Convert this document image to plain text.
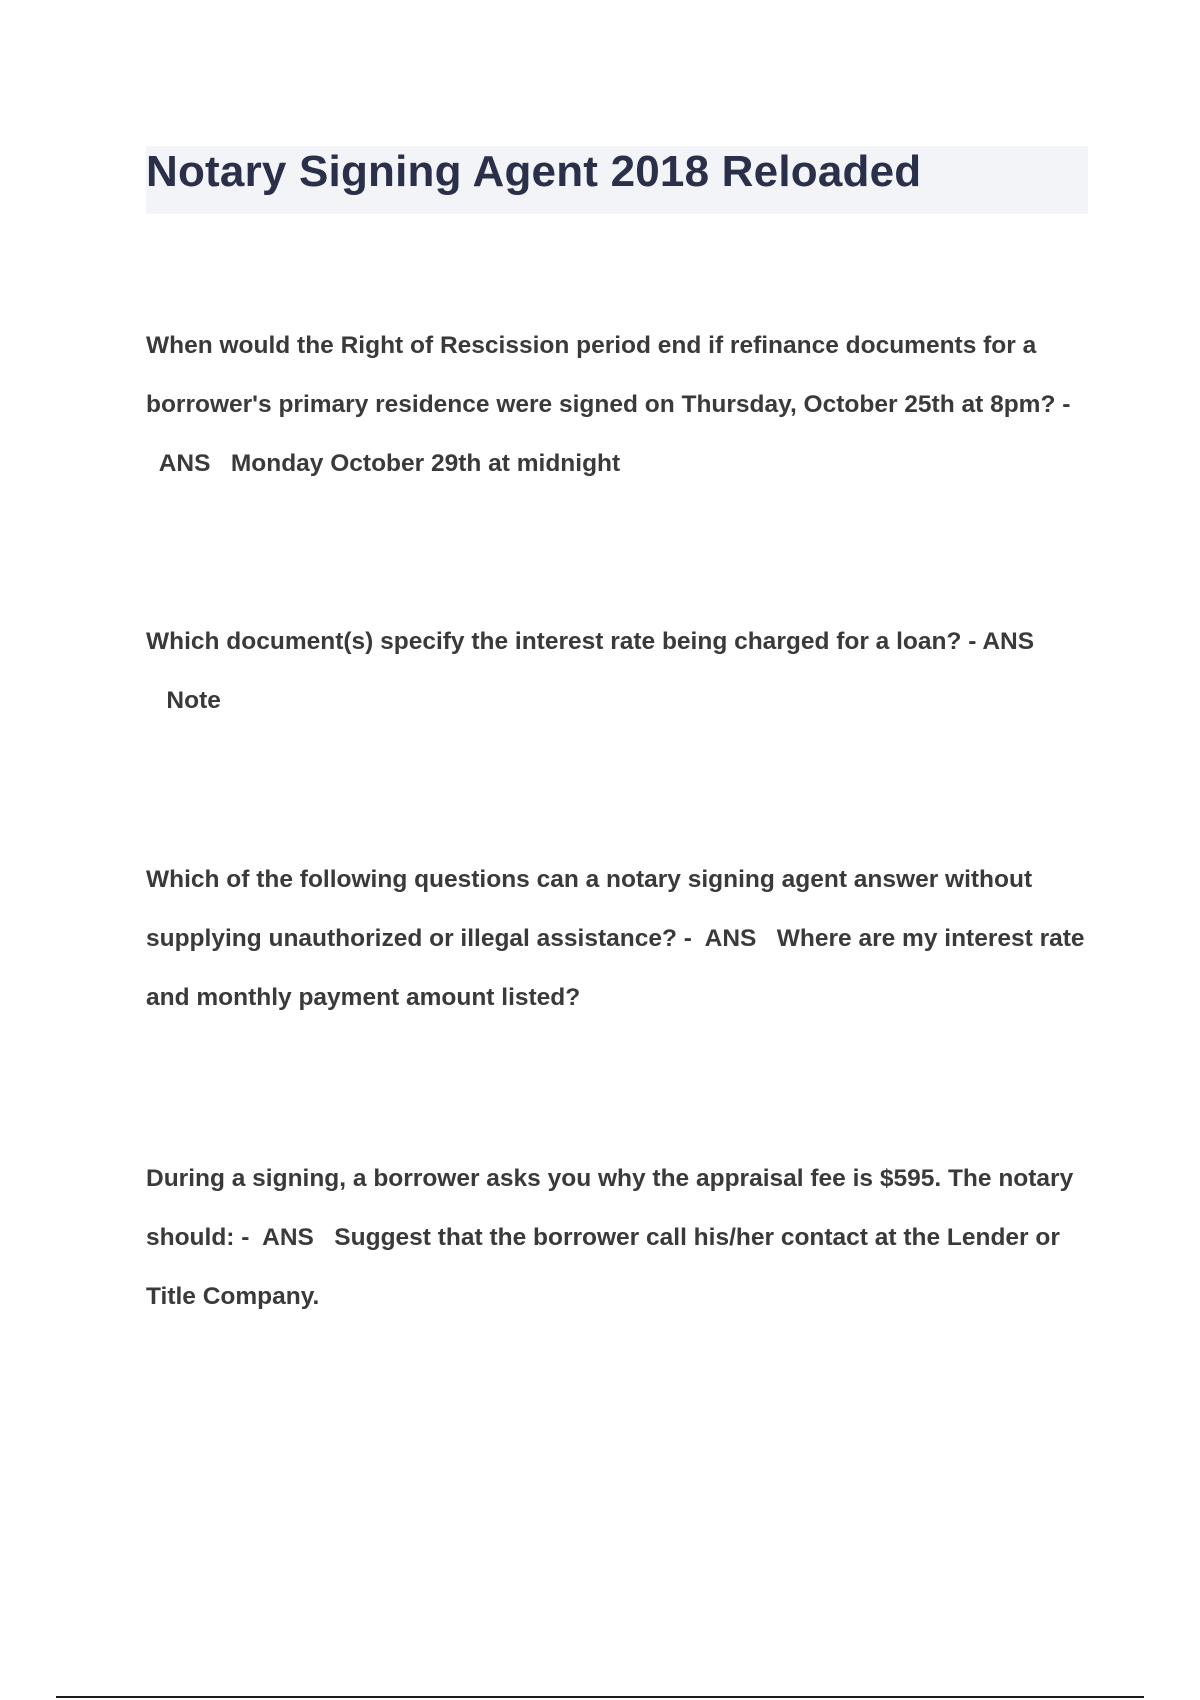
Notary Signing Agent 2018 Reloaded

When would the Right of Rescission period end if refinance documents for a borrower's primary residence were signed on Thursday, October 25th at 8pm? -  ANS Monday October 29th at midnight

Which document(s) specify the interest rate being charged for a loan? - ANS   Note

Which of the following questions can a notary signing agent answer without supplying unauthorized or illegal assistance? - ANS Where are my interest rate and monthly payment amount listed?

During a signing, a borrower asks you why the appraisal fee is $595. The notary should: - ANS Suggest that the borrower call his/her contact at the Lender or Title Company.
